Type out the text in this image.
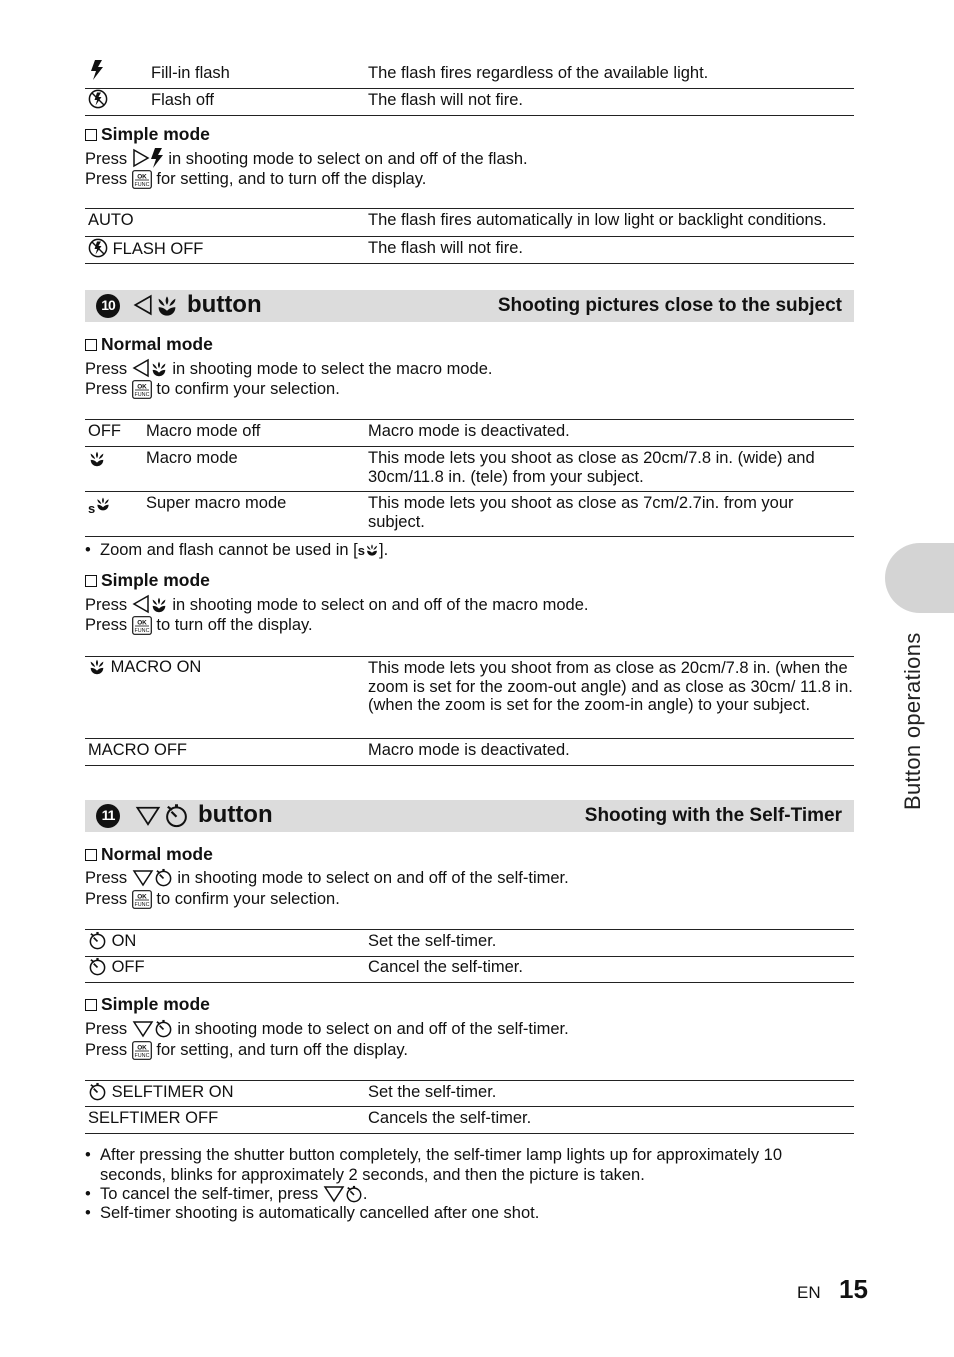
Fill-in flash	The flash fires regardless of the available light.
Flash off	The flash will not fire.
Simple mode
Press in shooting mode to select on and off of the flash.
Press for setting, and to turn off the display.
AUTO	The flash fires automatically in low light or backlight conditions.
FLASH OFF	The flash will not fire.
10	button	Shooting pictures close to the subject
Normal mode
Press	in shooting mode to select the macro mode.
Press to confirm your selection.
OFF Macro mode off	Macro mode is deactivated.
Macro mode	This mode lets you shoot as close as 20cm/7.8 in. (wide) and 30cm/11.8 in. (tele) from your subject.
s	Super macro mode	This mode lets you shoot as close as 7cm/2.7in. from your subject.
• Zoom and flash cannot be used in [s ].
Simple mode
Press	in shooting mode to select on and off of the macro mode.
Press to turn off the display.
MACRO ON	This mode lets you shoot from as close as 20cm/7.8 in. (when the zoom is set for the zoom-out angle) and as close as 30cm/ 11.8 in. (when the zoom is set for the zoom-in angle) to your subject.
MACRO OFF	Macro mode is deactivated.
11	button	Shooting with the Self-Timer
Normal mode
Press	in shooting mode to select on and off of the self-timer.
Press to confirm your selection.
ON	Set the self-timer.
OFF	Cancel the self-timer.
Simple mode
Press	in shooting mode to select on and off of the self-timer.
Press for setting, and turn off the display.
SELFTIMER ON	Set the self-timer.
SELFTIMER OFF	Cancels the self-timer.
• After pressing the shutter button completely, the self-timer lamp lights up for approximately 10 seconds, blinks for approximately 2 seconds, and then the picture is taken.
• To cancel the self-timer, press	.
• Self-timer shooting is automatically cancelled after one shot.
Button operations
EN 15
